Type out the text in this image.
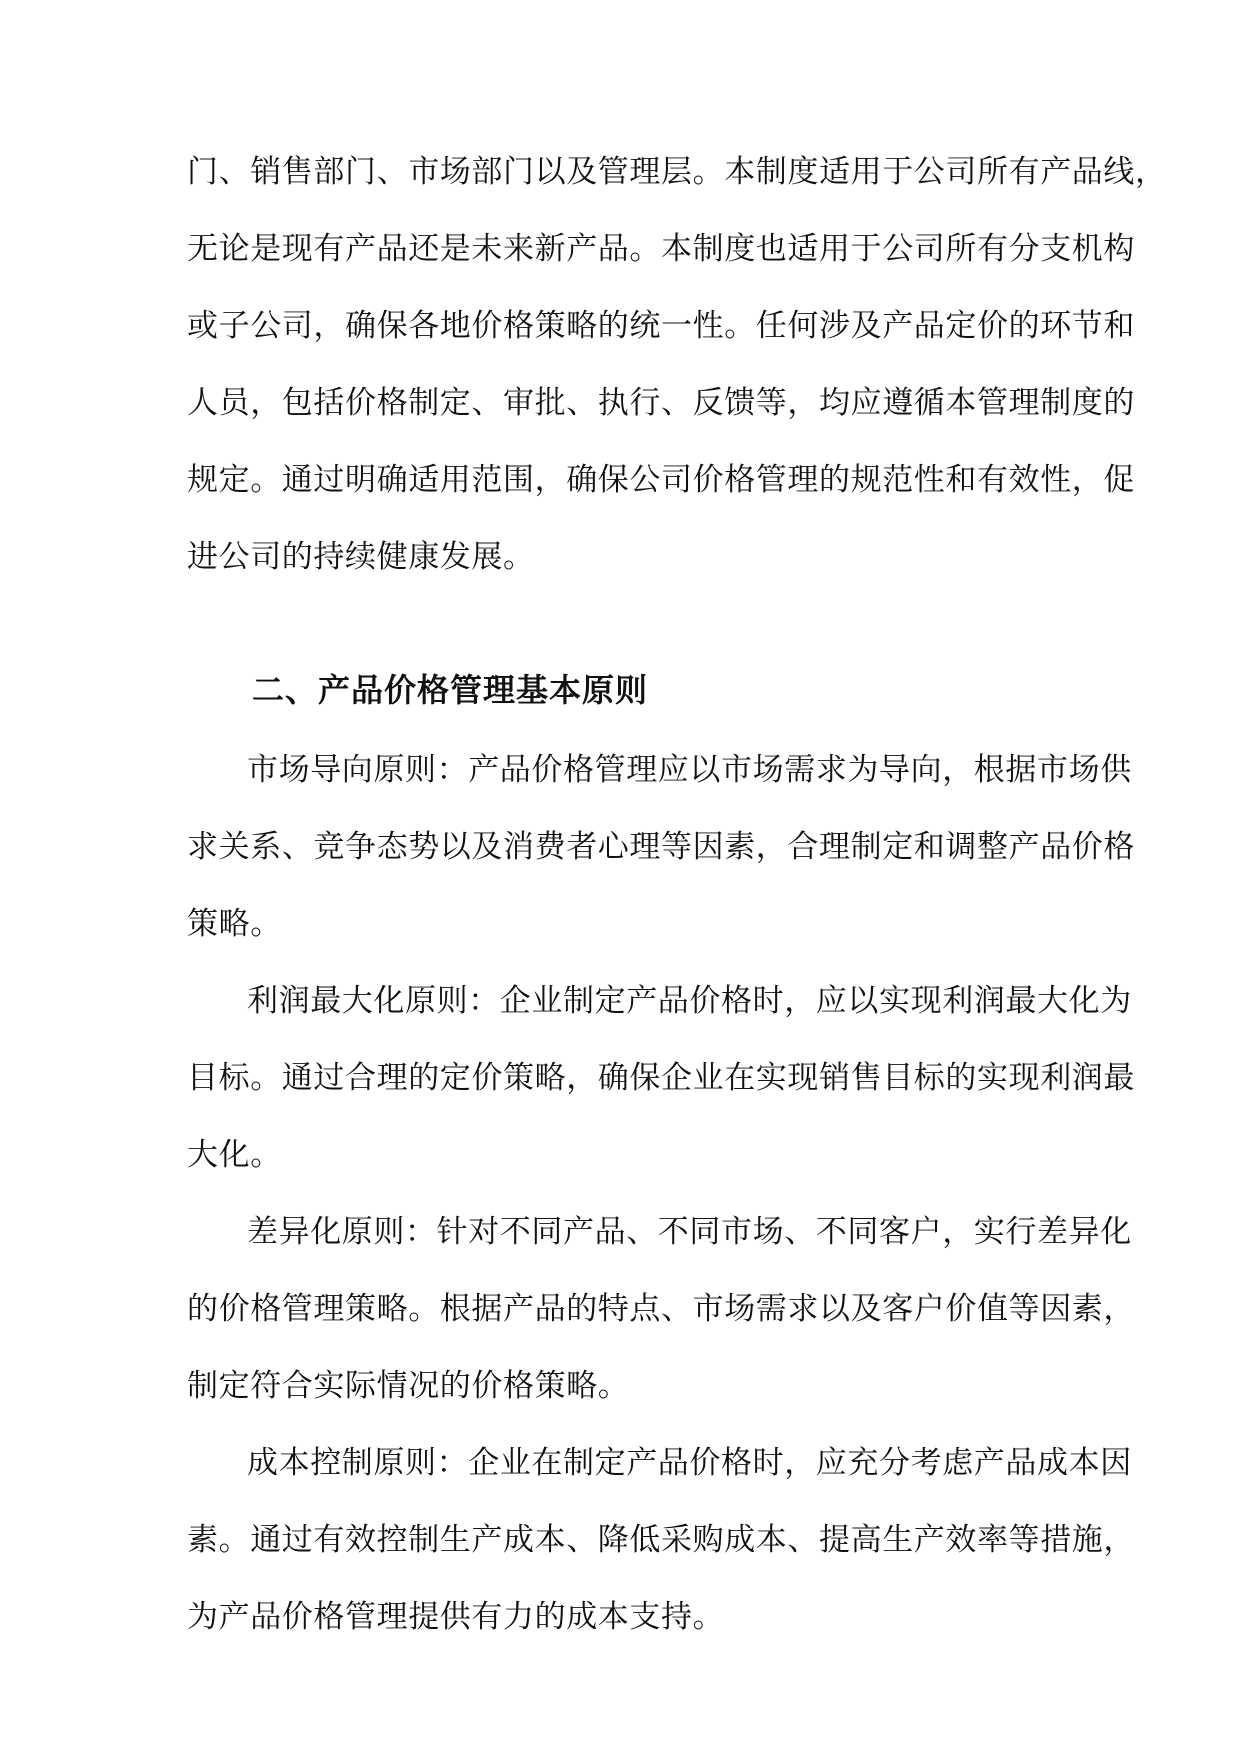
门、销售部门、市场部门以及管理层。本制度适用于公司所有产品线，
无论是现有产品还是未来新产品。本制度也适用于公司所有分支机构
或子公司，确保各地价格策略的统一性。任何涉及产品定价的环节和
人员，包括价格制定、审批、执行、反馈等，均应遵循本管理制度的
规定。通过明确适用范围，确保公司价格管理的规范性和有效性，促
进公司的持续健康发展。
二、产品价格管理基本原则
市场导向原则：产品价格管理应以市场需求为导向，根据市场供
求关系、竞争态势以及消费者心理等因素，合理制定和调整产品价格
策略。
利润最大化原则：企业制定产品价格时，应以实现利润最大化为
目标。通过合理的定价策略，确保企业在实现销售目标的实现利润最
大化。
差异化原则：针对不同产品、不同市场、不同客户，实行差异化
的价格管理策略。根据产品的特点、市场需求以及客户价值等因素，
制定符合实际情况的价格策略。
成本控制原则：企业在制定产品价格时，应充分考虑产品成本因
素。通过有效控制生产成本、降低采购成本、提高生产效率等措施，
为产品价格管理提供有力的成本支持。
